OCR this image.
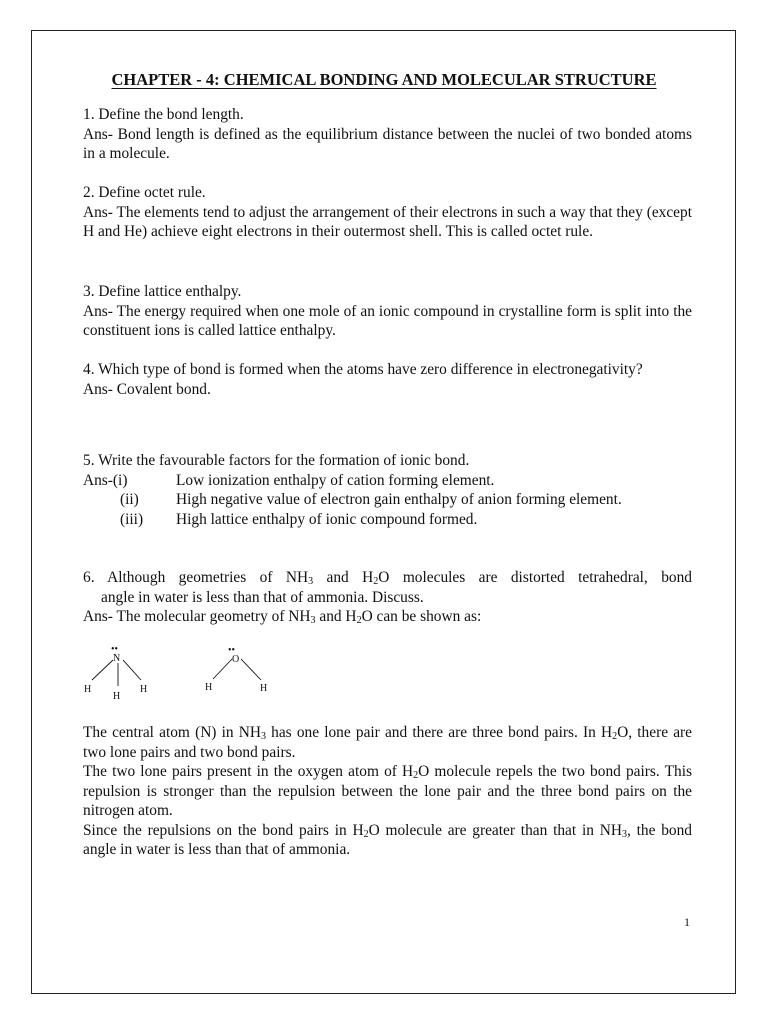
CHAPTER - 4: CHEMICAL BONDING AND MOLECULAR STRUCTURE

1. Define the bond length.

Ans- Bond length is defined as the equilibrium distance between the nuclei of two bonded atoms in a molecule.

2. Define octet rule.

Ans- The elements tend to adjust the arrangement of their electrons in such a way that they (except H and He) achieve eight electrons in their outermost shell. This is called octet rule.

3. Define lattice enthalpy.

Ans- The energy required when one mole of an ionic compound in crystalline form is split into the constituent ions is called lattice enthalpy.

4. Which type of bond is formed when the atoms have zero difference in electronegativity?

Ans- Covalent bond.

5. Write the favourable factors for the formation of ionic bond.

Ans-(i)	Low ionization enthalpy of cation forming element.
(ii) High negative value of electron gain enthalpy of anion forming element.
(iii) High lattice enthalpy of ionic compound formed.

6. Although geometries of $NH_3$ and $H_2O$ molecules are distorted tetrahedral, bond

angle in water is less than that of ammonia. Discuss.

Ans- The molecular geometry of $NH_3$ and $H_2O$ can be shown as:

••
N
H
H
H
••
O
H	H

The central atom (N) in $NH_3$ has one lone pair and there are three bond pairs. In $H_2O$, there are two lone pairs and two bond pairs.

The two lone pairs present in the oxygen atom of $H_2O$ molecule repels the two bond pairs. This repulsion is stronger than the repulsion between the lone pair and the three bond pairs on the nitrogen atom.

Since the repulsions on the bond pairs in $H_2O$ molecule are greater than that in $NH_3$, the bond angle in water is less than that of ammonia.

1
